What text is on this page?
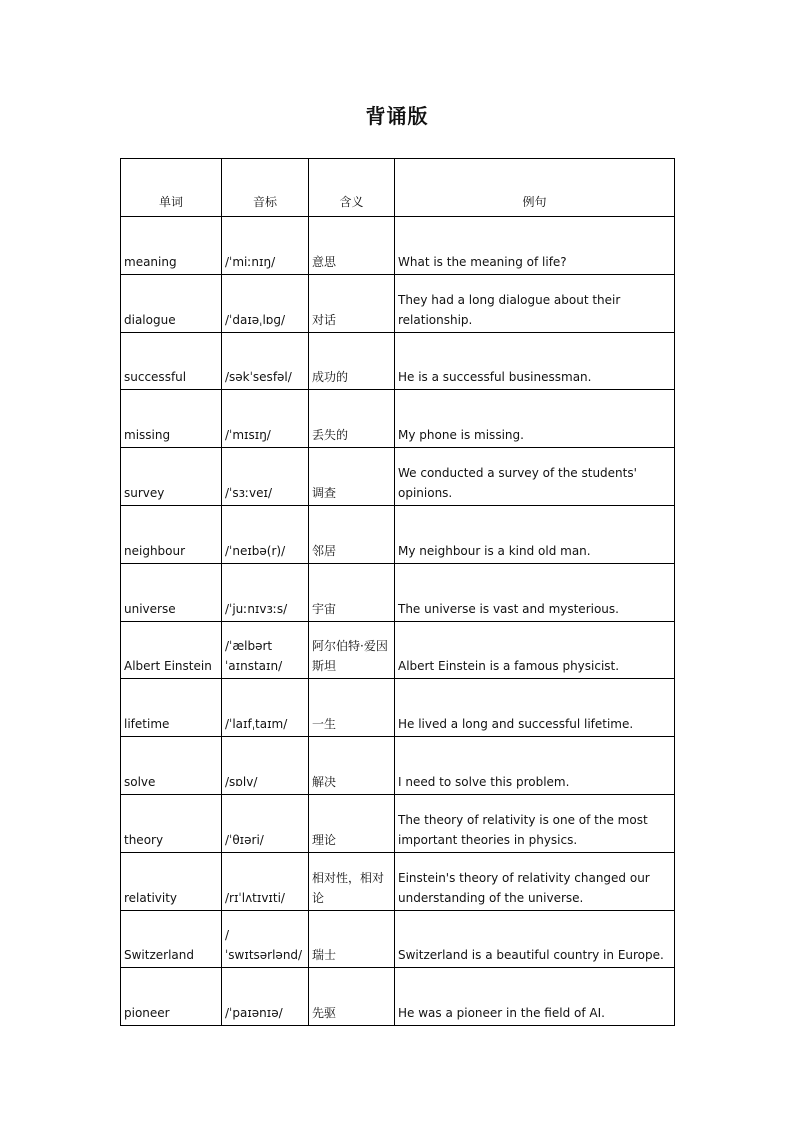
背诵版
单词	音标	含义	例句
meaning	/ˈmiːnɪŋ/	意思	What is the meaning of life?
dialogue	/ˈdaɪəˌlɒɡ/	对话	They had a long dialogue about their relationship.
successful	/səkˈsesfəl/	成功的	He is a successful businessman.
missing	/ˈmɪsɪŋ/	丢失的	My phone is missing.
survey	/ˈsɜːveɪ/	调查	We conducted a survey of the students' opinions.
neighbour	/ˈneɪbə(r)/	邻居	My neighbour is a kind old man.
universe	/ˈjuːnɪvɜːs/	宇宙	The universe is vast and mysterious.
Albert Einstein	/ˈælbərt ˈaɪnstaɪn/	阿尔伯特·爱因斯坦	Albert Einstein is a famous physicist.
lifetime	/ˈlaɪfˌtaɪm/	一生	He lived a long and successful lifetime.
solve	/sɒlv/	解决	I need to solve this problem.
theory	/ˈθɪəri/	理论	The theory of relativity is one of the most important theories in physics.
relativity	/rɪˈlʌtɪvɪti/	相对性，相对论	Einstein's theory of relativity changed our understanding of the universe.
Switzerland	/ˈswɪtsərlənd/	瑞士	Switzerland is a beautiful country in Europe.
pioneer	/ˈpaɪənɪə/	先驱	He was a pioneer in the field of AI.
